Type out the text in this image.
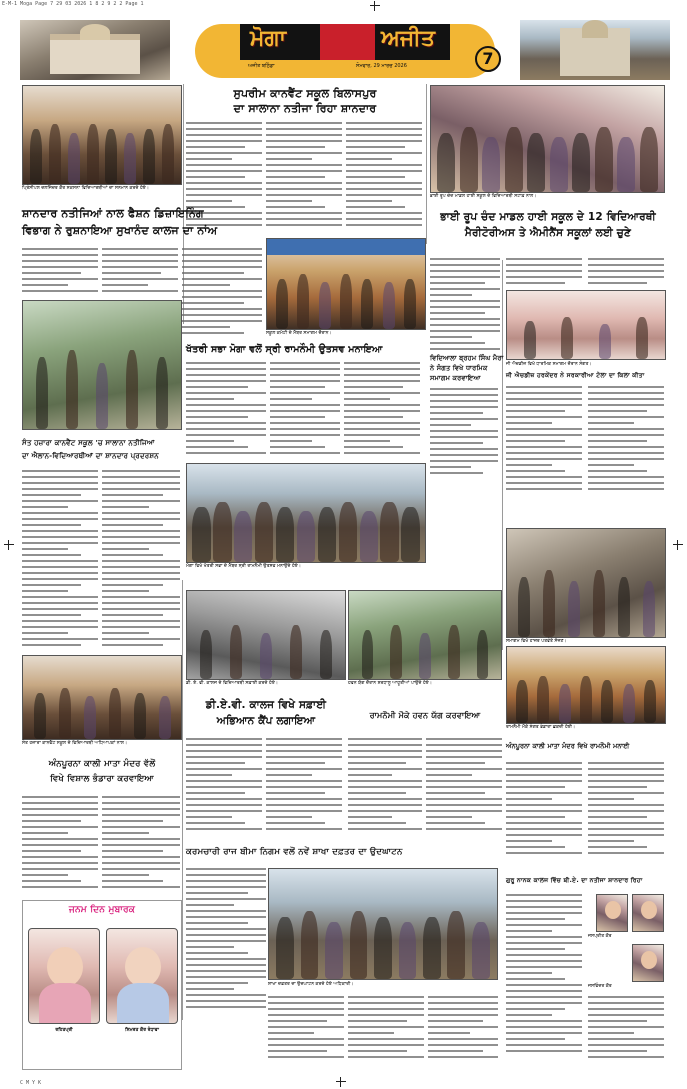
E-M-1 Moga Page 7 29 03 2026 1 8 2 9 2 2 Page 1
C M Y K
ਮੋਗਾ	ਅਜੀਤ
7
ਅਜੀਤ ਬਠਿੰਡਾ	ਸੋਮਵਾਰ, 29 ਮਾਰਚ 2026
ਪ੍ਰਿੰਸੀਪਲ ਦਲਜਿੰਦਰ ਕੌਰ ਸਕਸਨਾ ਵਿਦਿਆਰਥੀਆਂ ਦਾ ਸਨਮਾਨ ਕਰਦੇ ਹੋਏ।
ਸੁਪਰੀਮ ਕਾਨਵੈਂਟ ਸਕੂਲ ਬਿਲਾਸਪੁਰ
ਦਾ ਸਾਲਾਨਾ ਨਤੀਜਾ ਰਿਹਾ ਸ਼ਾਨਦਾਰ
ਭਾਈ ਰੂਪ ਚੰਦ ਮਾਡਲ ਹਾਈ ਸਕੂਲ ਦੇ ਵਿਦਿਆਰਥੀ ਸਟਾਫ਼ ਨਾਲ।
ਭਾਈ ਰੂਪ ਚੰਦ ਮਾਡਲ ਹਾਈ ਸਕੂਲ ਦੇ 12 ਵਿਦਿਆਰਥੀ
ਮੈਰੀਟੋਰੀਅਸ ਤੇ ਐਮੀਨੈਂਸ ਸਕੂਲਾਂ ਲਈ ਚੁਣੇ
ਸ਼ਾਨਦਾਰ ਨਤੀਜਿਆਂ ਨਾਲ ਫੈਸ਼ਨ ਡਿਜ਼ਾਇਨਿੰਗ
ਵਿਭਾਗ ਨੇ ਰੁਸ਼ਨਾਇਆ ਸੁਖਾਨੰਦ ਕਾਲਜ ਦਾ ਨਾਂਅ
ਸਕੂਲ ਕਮੇਟੀ ਦੇ ਮੈਂਬਰ ਸਮਾਗਮ ਦੌਰਾਨ।
ਖੱਤਰੀ ਸਭਾ ਮੋਗਾ ਵਲੋਂ ਸ੍ਰੀ ਰਾਮਨੌਮੀ ਉਤਸਵ ਮਨਾਇਆ
ਮੋਗਾ ਵਿਖੇ ਖੱਤਰੀ ਸਭਾ ਦੇ ਮੈਂਬਰ ਸ੍ਰੀ ਰਾਮਨੌਮੀ ਉਤਸਵ ਮਨਾਉਂਦੇ ਹੋਏ।
ਵਿਦਿਆਲਾ ਬ੍ਰਹਮ ਸਿੰਘ ਮੈਰਾ
ਨੇ ਸੰਗਤ ਵਿਖੇ ਧਾਰਮਿਕ
ਸਮਾਗਮ ਕਰਵਾਇਆ
ਜੀ ਐਚਡੀਜ਼ ਵਿਖੇ ਧਾਰਮਿਕ ਸਮਾਗਮ ਦੌਰਾਨ ਸੰਗਤ।
ਜੀ ਐਚਡੀਜ਼ ਹਰਕੇਂਦਰ ਨੇ ਸਰਕਾਰੀਆ ਟੋਲਾ ਦਾ ਕਿਲਾ ਕੀਤਾ
ਸੰਤ ਹਜ਼ਾਰਾ ਕਾਨਵੈਂਟ ਸਕੂਲ 'ਚ ਸਾਲਾਨਾ ਨਤੀਜਿਆਂ
ਦਾ ਐਲਾਨ-ਵਿਦਿਆਰਥੀਆਂ ਦਾ ਸ਼ਾਨਦਾਰ ਪ੍ਰਦਰਸ਼ਨ
ਸੰਤ ਹਜ਼ਾਰਾ ਕਾਨਵੈਂਟ ਸਕੂਲ ਦੇ ਵਿਦਿਆਰਥੀ ਅਧਿਆਪਕਾਂ ਨਾਲ।
ਡੀ. ਏ. ਵੀ. ਕਾਲਜ ਦੇ ਵਿਦਿਆਰਥੀ ਸਫ਼ਾਈ ਕਰਦੇ ਹੋਏ।
ਡੀ.ਏ.ਵੀ. ਕਾਲਜ ਵਿਖੇ ਸਫ਼ਾਈ
ਅਭਿਆਨ ਕੈਂਪ ਲਗਾਇਆ
ਹਵਨ ਯੱਗ ਦੌਰਾਨ ਸ਼ਰਧਾਲੂ ਆਹੂਤੀਆਂ ਪਾਉਂਦੇ ਹੋਏ।
ਰਾਮਨੌਮੀ ਮੌਕੇ ਹਵਨ ਯੱਗ ਕਰਵਾਇਆ
ਸਮਾਗਮ ਵਿਖੇ ਹਾਜ਼ਰ ਪਤਵੰਤੇ ਸੱਜਣ।
ਰਾਮਨੌਮੀ ਮੌਕੇ ਸੰਗਤ ਭੰਡਾਰਾ ਛਕਦੀ ਹੋਈ।
ਅੰਨਪੂਰਨਾ ਕਾਲੀ ਮਾਤਾ ਮੰਦਰ ਵਿਖੇ ਰਾਮਨੌਮੀ ਮਨਾਈ
ਅੰਨਪੂਰਨਾ ਕਾਲੀ ਮਾਤਾ ਮੰਦਰ ਵੱਲੋਂ
ਵਿਖੇ ਵਿਸ਼ਾਲ ਭੰਡਾਰਾ ਕਰਵਾਇਆ
ਕਰਮਚਾਰੀ ਰਾਜ ਬੀਮਾ ਨਿਗਮ ਵਲੋਂ ਨਵੇਂ ਸ਼ਾਖਾ ਦਫ਼ਤਰ ਦਾ ਉਦਘਾਟਨ
ਸ਼ਾਖਾ ਦਫ਼ਤਰ ਦਾ ਉਦਘਾਟਨ ਕਰਦੇ ਹੋਏ ਅਧਿਕਾਰੀ।
ਜਨਮ ਦਿਨ ਮੁਬਾਰਕ
ਰਹਿਤਪ੍ਰੀ	ਸਿਮਰਤ ਕੌਰ ਰੰਧਾਵਾ
ਗੁਰੂ ਨਾਨਕ ਕਾਲਜ ਵਿੱਚ ਬੀ.ਏ. ਦਾ ਨਤੀਜਾ ਸ਼ਾਨਦਾਰ ਰਿਹਾ
ਜਸਪ੍ਰੀਤ ਕੌਰ
ਜਸਵਿੰਦਰ ਕੌਰ
